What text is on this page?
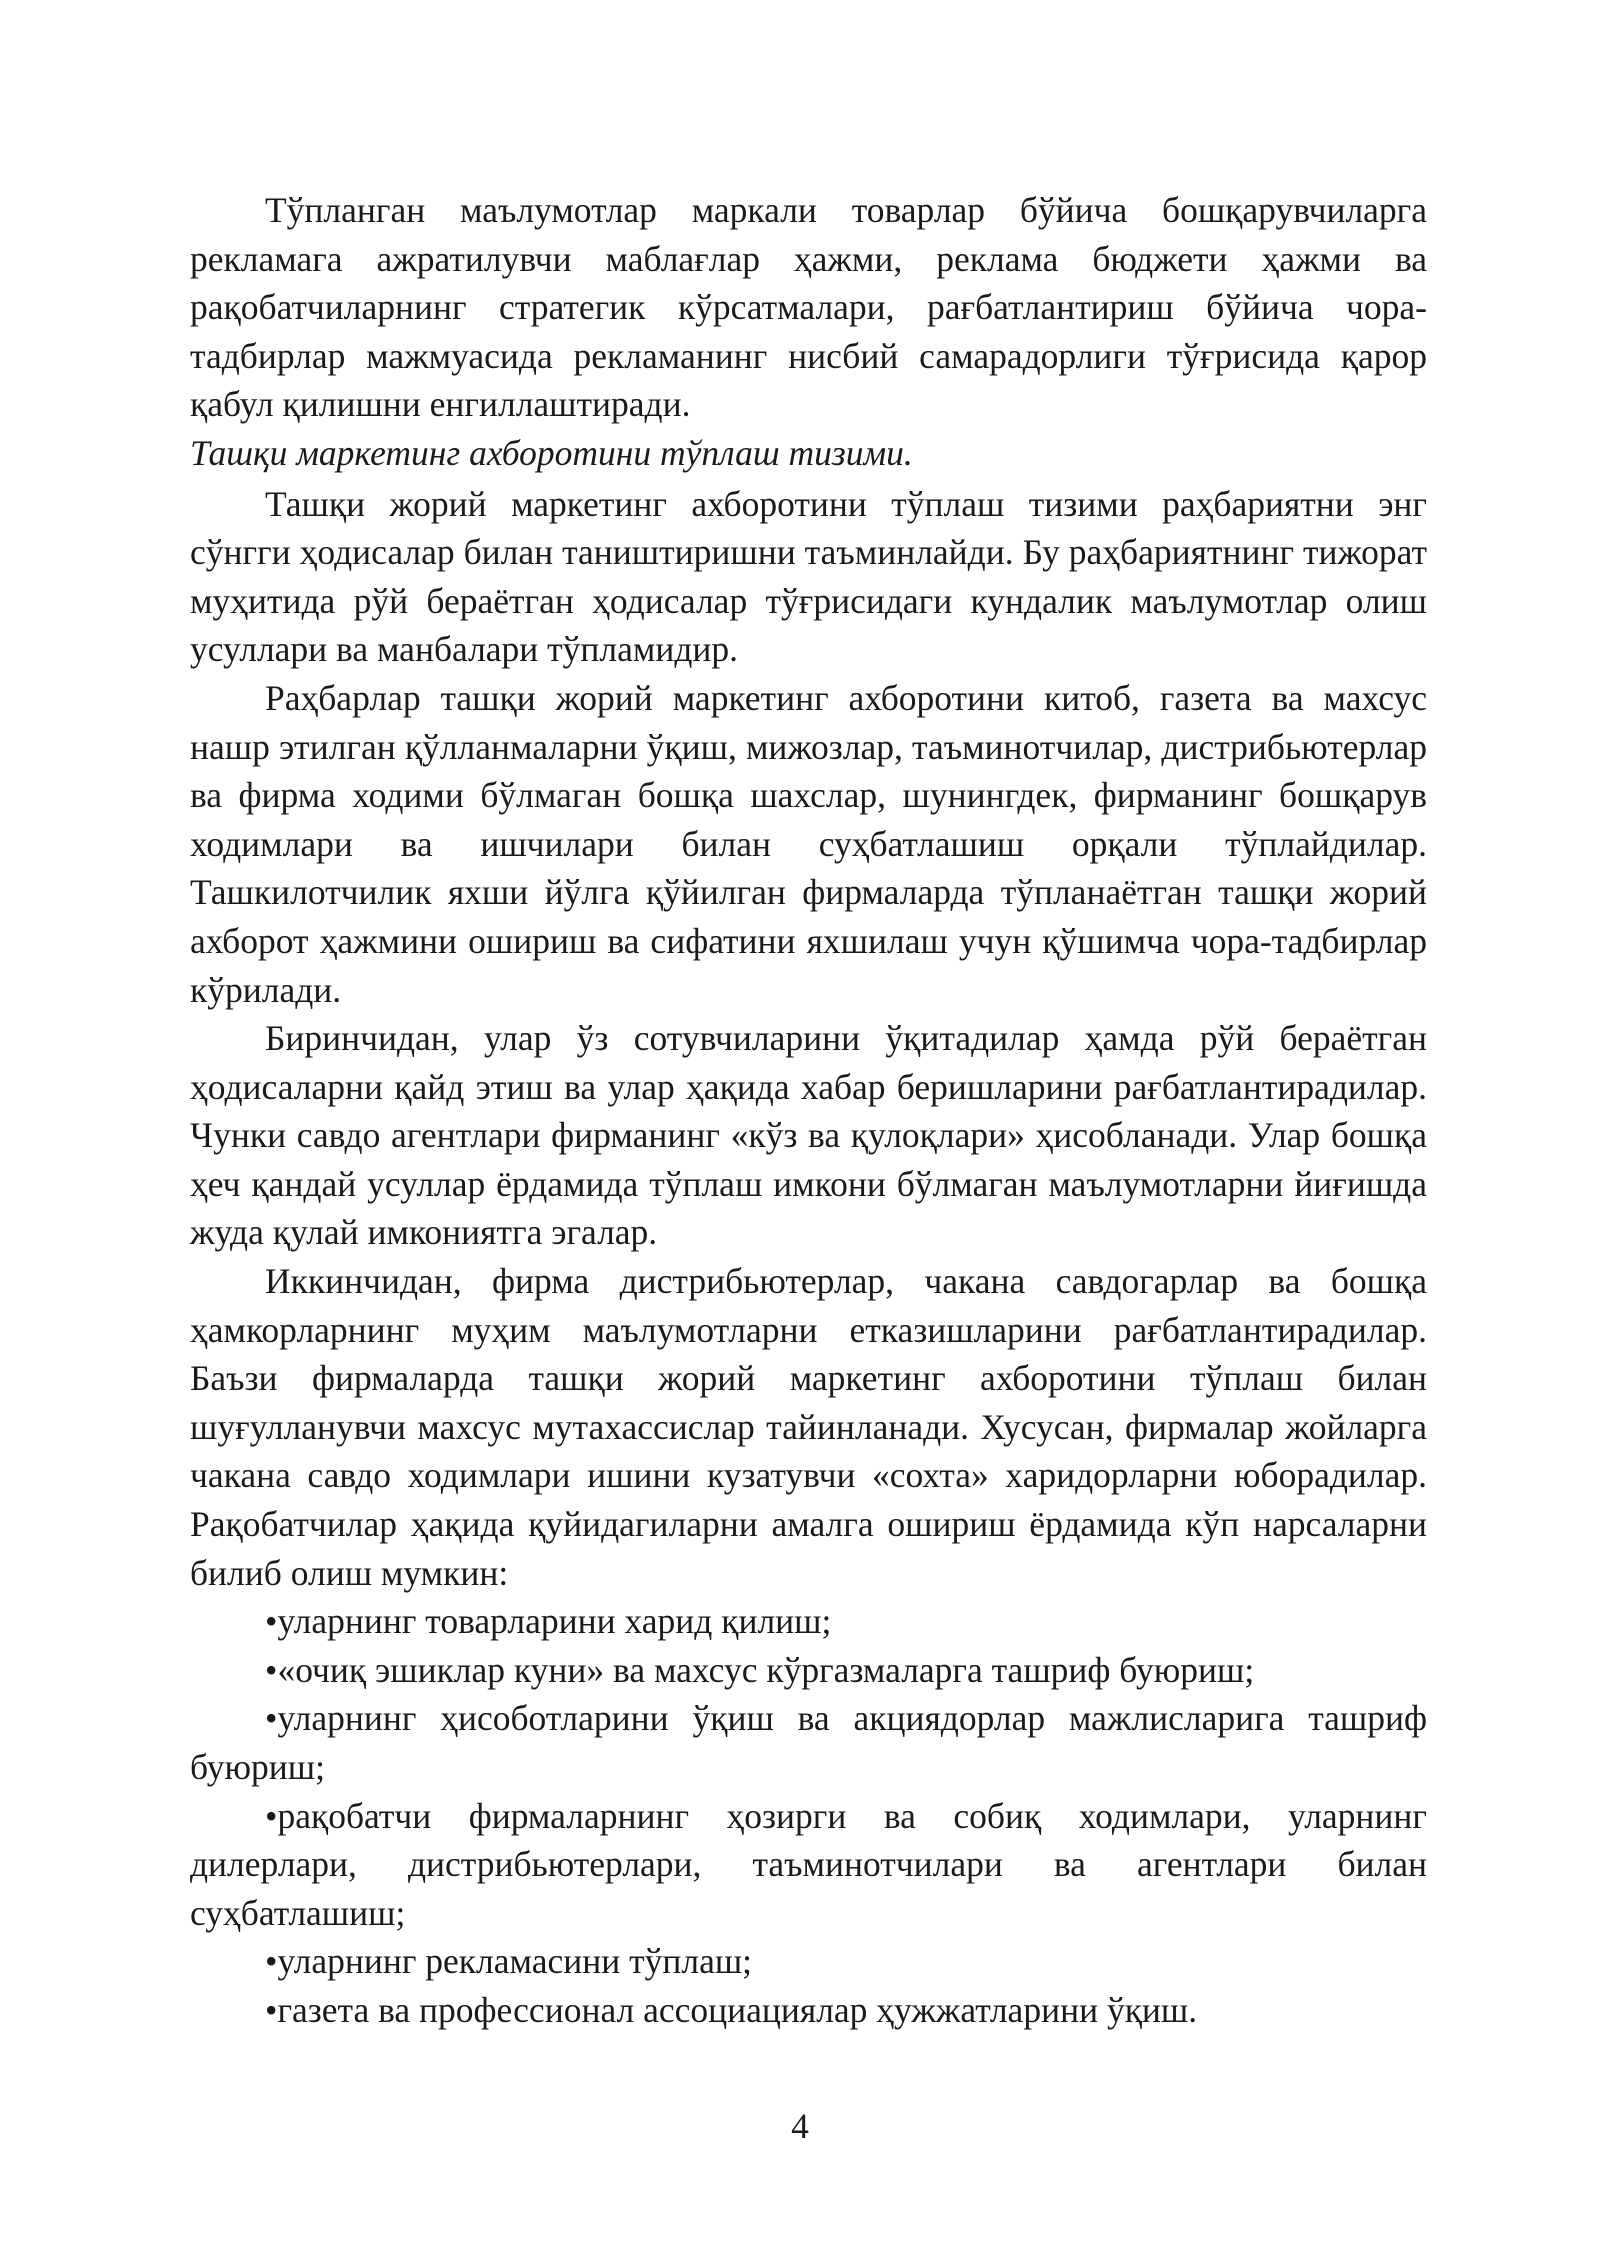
Тўпланган маълумотлар маркали товарлар бўйича бошқарувчиларга рекламага ажратилувчи маблағлар ҳажми, реклама бюджети ҳажми ва рақобатчиларнинг стратегик кўрсатмалари, рағбатлантириш бўйича чора-тадбирлар мажмуасида рекламанинг нисбий самарадорлиги тўғрисида қарор қабул қилишни енгиллаштиради.

Ташқи маркетинг ахборотини тўплаш тизими.

Ташқи жорий маркетинг ахборотини тўплаш тизими раҳбариятни энг сўнгги ҳодисалар билан таништиришни таъминлайди. Бу раҳбариятнинг тижорат муҳитида рўй бераётган ҳодисалар тўғрисидаги кундалик маълумотлар олиш усуллари ва манбалари тўпламидир.

Раҳбарлар ташқи жорий маркетинг ахборотини китоб, газета ва махсус нашр этилган қўлланмаларни ўқиш, мижозлар, таъминотчилар, дистрибьютерлар ва фирма ходими бўлмаган бошқа шахслар, шунингдек, фирманинг бошқарув ходимлари ва ишчилари билан суҳбатлашиш орқали тўплайдилар. Ташкилотчилик яхши йўлга қўйилган фирмаларда тўпланаётган ташқи жорий ахборот ҳажмини ошириш ва сифатини яхшилаш учун қўшимча чора-тадбирлар кўрилади.

Биринчидан, улар ўз сотувчиларини ўқитадилар ҳамда рўй бераётган ҳодисаларни қайд этиш ва улар ҳақида хабар беришларини рағбатлантирадилар. Чунки савдо агентлари фирманинг «кўз ва қулоқлари» ҳисобланади. Улар бошқа ҳеч қандай усуллар ёрдамида тўплаш имкони бўлмаган маълумотларни йиғишда жуда қулай имкониятга эгалар.

Иккинчидан, фирма дистрибьютерлар, чакана савдогарлар ва бошқа ҳамкорларнинг муҳим маълумотларни етказишларини рағбатлантирадилар. Баъзи фирмаларда ташқи жорий маркетинг ахборотини тўплаш билан шуғулланувчи махсус мутахассислар тайинланади. Хусусан, фирмалар жойларга чакана савдо ходимлари ишини кузатувчи «сохта» харидорларни юборадилар. Рақобатчилар ҳақида қуйидагиларни амалга ошириш ёрдамида кўп нарсаларни билиб олиш мумкин:

•уларнинг товарларини харид қилиш;

•«очиқ эшиклар куни» ва махсус кўргазмаларга ташриф буюриш;

•уларнинг ҳисоботларини ўқиш ва акциядорлар мажлисларига ташриф буюриш;

•рақобатчи фирмаларнинг ҳозирги ва собиқ ходимлари, уларнинг дилерлари, дистрибьютерлари, таъминотчилари ва агентлари билан суҳбатлашиш;

•уларнинг рекламасини тўплаш;

•газета ва профессионал ассоциациялар ҳужжатларини ўқиш.

4
